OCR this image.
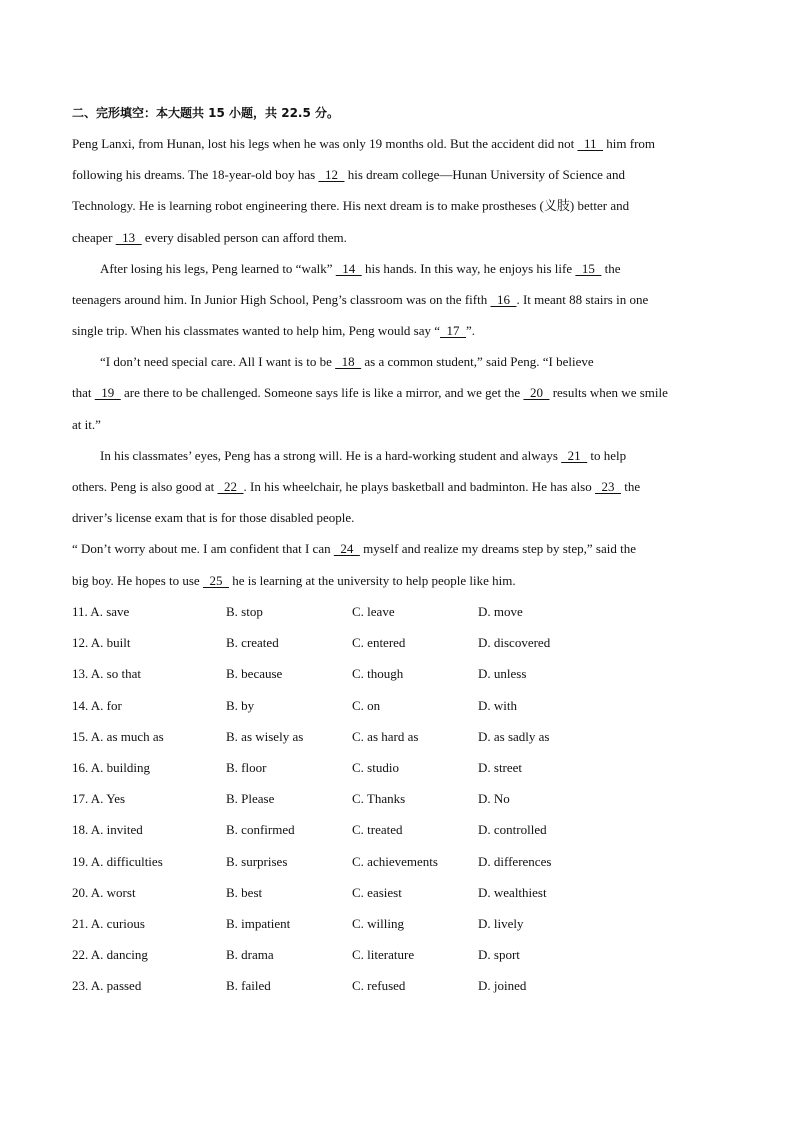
二、完形填空：本大题共 15 小题，共 22.5 分。
Peng Lanxi, from Hunan, lost his legs when he was only 19 months old. But the accident did not   11   him from
following his dreams. The 18-year-old boy has   12   his dream college—Hunan University of Science and
Technology. He is learning robot engineering there. His next dream is to make prostheses (义肢) better and
cheaper   13   every disabled person can afford them.
After losing his legs, Peng learned to “walk”   14   his hands. In this way, he enjoys his life   15   the
teenagers around him. In Junior High School, Peng’s classroom was on the fifth   16  . It meant 88 stairs in one
single trip. When his classmates wanted to help him, Peng would say “  17  ”.
“I don’t need special care. All I want is to be   18   as a common student,” said Peng. “I believe
that   19   are there to be challenged. Someone says life is like a mirror, and we get the   20   results when we smile
at it.”
In his classmates’ eyes, Peng has a strong will. He is a hard-working student and always   21   to help
others. Peng is also good at   22  . In his wheelchair, he plays basketball and badminton. He has also   23   the
driver’s license exam that is for those disabled people.
“ Don’t worry about me. I am confident that I can   24   myself and realize my dreams step by step,” said the
big boy. He hopes to use   25   he is learning at the university to help people like him.
11. A. save	B. stop	C. leave	D. move
12. A. built	B. created	C. entered	D. discovered
13. A. so that	B. because	C. though	D. unless
14. A. for	B. by	C. on	D. with
15. A. as much as	B. as wisely as	C. as hard as	D. as sadly as
16. A. building	B. floor	C. studio	D. street
17. A. Yes	B. Please	C. Thanks	D. No
18. A. invited	B. confirmed	C. treated	D. controlled
19. A. difficulties	B. surprises	C. achievements	D. differences
20. A. worst	B. best	C. easiest	D. wealthiest
21. A. curious	B. impatient	C. willing	D. lively
22. A. dancing	B. drama	C. literature	D. sport
23. A. passed	B. failed	C. refused	D. joined
